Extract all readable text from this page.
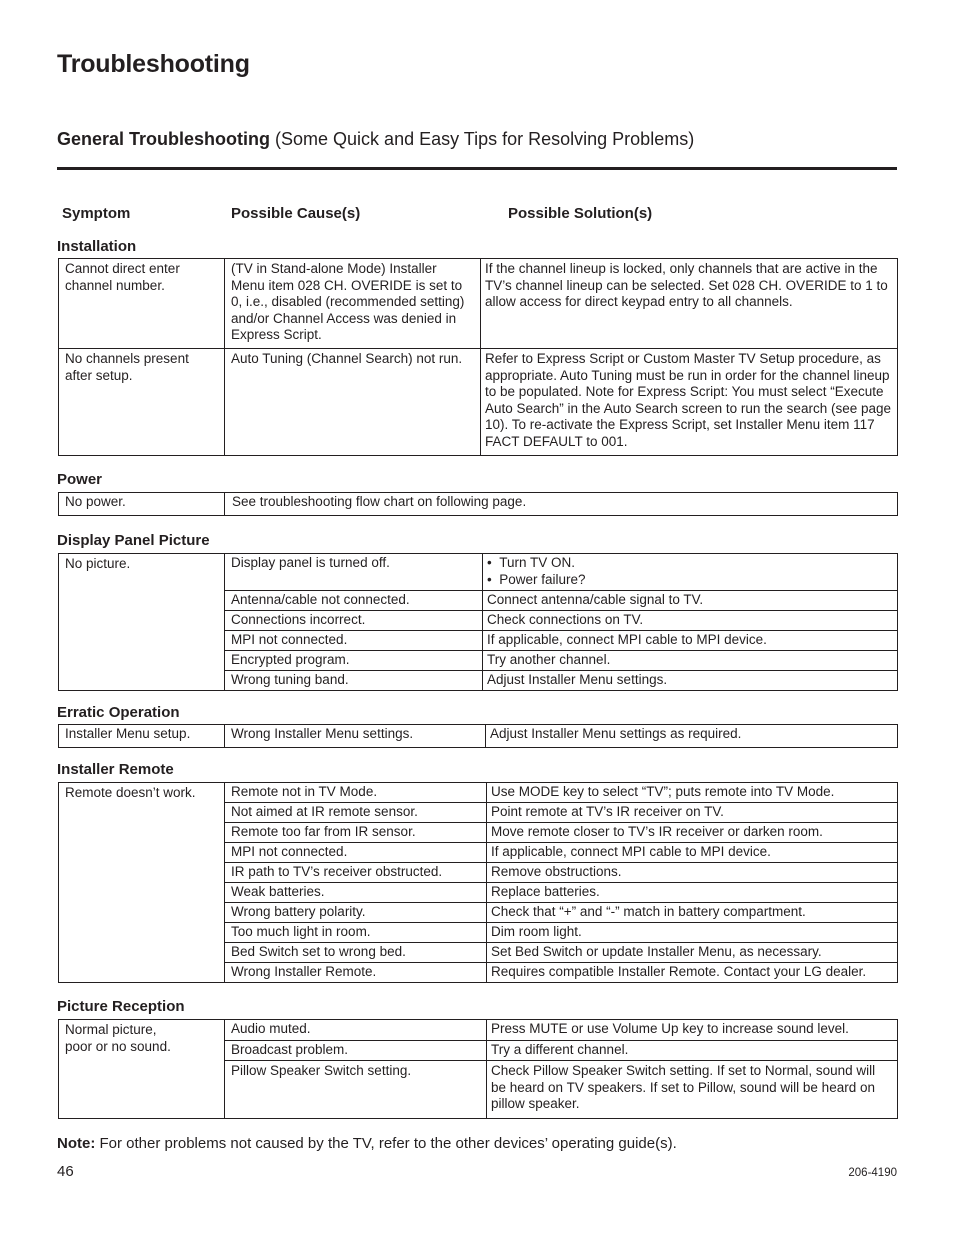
Troubleshooting
General Troubleshooting (Some Quick and Easy Tips for Resolving Problems)
Symptom	Possible Cause(s)	Possible Solution(s)
Installation
Cannot direct enter channel number.	(TV in Stand-alone Mode) Installer Menu item 028 CH. OVERIDE is set to 0, i.e., disabled (recommended setting) and/or Channel Access was denied in Express Script.	If the channel lineup is locked, only channels that are active in the TV’s channel lineup can be selected. Set 028 CH. OVERIDE to 1 to allow access for direct keypad entry to all channels.
No channels present after setup.	Auto Tuning (Channel Search) not run.	Refer to Express Script or Custom Master TV Setup procedure, as appropriate. Auto Tuning must be run in order for the channel lineup to be populated. Note for Express Script: You must select “Execute Auto Search” in the Auto Search screen to run the search (see page 10). To re-activate the Express Script, set Installer Menu item 117 FACT DEFAULT to 001.
Power
No power.	See troubleshooting flow chart on following page.
Display Panel Picture
No picture.	Display panel is turned off.	•  Turn TV ON.
•  Power failure?

	Antenna/cable not connected.	Connect antenna/cable signal to TV.
	Connections incorrect.	Check connections on TV.
	MPI not connected.	If applicable, connect MPI cable to MPI device.
	Encrypted program.	Try another channel.
	Wrong tuning band.	Adjust Installer Menu settings.
Erratic Operation
Installer Menu setup.	Wrong Installer Menu settings.	Adjust Installer Menu settings as required.
Installer Remote
Remote doesn’t work.	Remote not in TV Mode.	Use MODE key to select “TV”; puts remote into TV Mode.
	Not aimed at IR remote sensor.	Point remote at TV’s IR receiver on TV.
	Remote too far from IR sensor.	Move remote closer to TV’s IR receiver or darken room.
	MPI not connected.	If applicable, connect MPI cable to MPI device.
	IR path to TV’s receiver obstructed.	Remove obstructions.
	Weak batteries.	Replace batteries.
	Wrong battery polarity.	Check that “+” and “-” match in battery compartment.
	Too much light in room.	Dim room light.
	Bed Switch set to wrong bed.	Set Bed Switch or update Installer Menu, as necessary.
	Wrong Installer Remote.	Requires compatible Installer Remote. Contact your LG dealer.
Picture Reception
Normal picture,
poor or no sound.	Audio muted.	Press MUTE or use Volume Up key to increase sound level.
	Broadcast problem.	Try a different channel.
	Pillow Speaker Switch setting.	Check Pillow Speaker Switch setting. If set to Normal, sound will be heard on TV speakers. If set to Pillow, sound will be heard on pillow speaker.

Note: For other problems not caused by the TV, refer to the other devices’ operating guide(s).

46	206-4190
